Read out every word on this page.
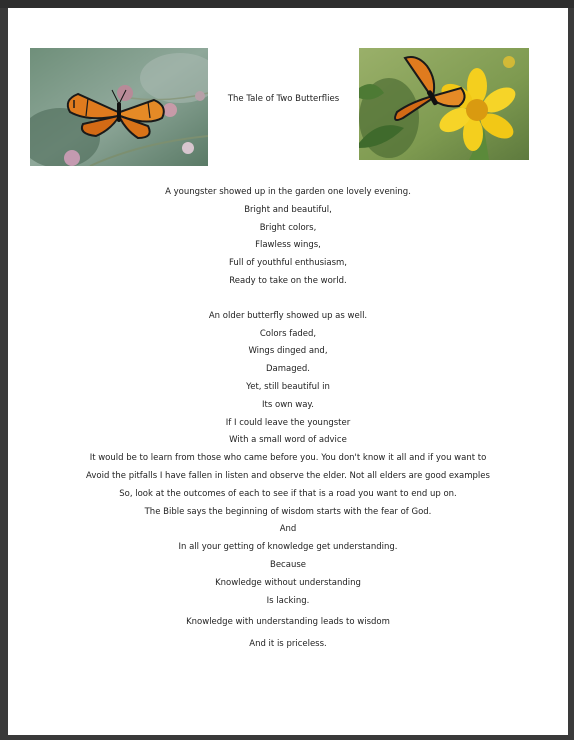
The Tale of Two Butterflies
A youngster showed up in the garden one lovely evening.
Bright and beautiful,
Bright colors,
Flawless wings,
Full of youthful enthusiasm,
Ready to take on the world.
An older butterfly showed up as well.
Colors faded,
Wings dinged and,
Damaged.
Yet, still beautiful in
Its own way.
If I could leave the youngster
With a small word of advice
It would be to learn from those who came before you. You don't know it all and if you want to
Avoid the pitfalls I have fallen in listen and observe the elder. Not all elders are good examples
So, look at the outcomes of each to see if that is a road you want to end up on.
The Bible says the beginning of wisdom starts with the fear of God.
And
In all your getting of knowledge get understanding.
Because
Knowledge without understanding
Is lacking.
Knowledge with understanding leads to wisdom
And it is priceless.
